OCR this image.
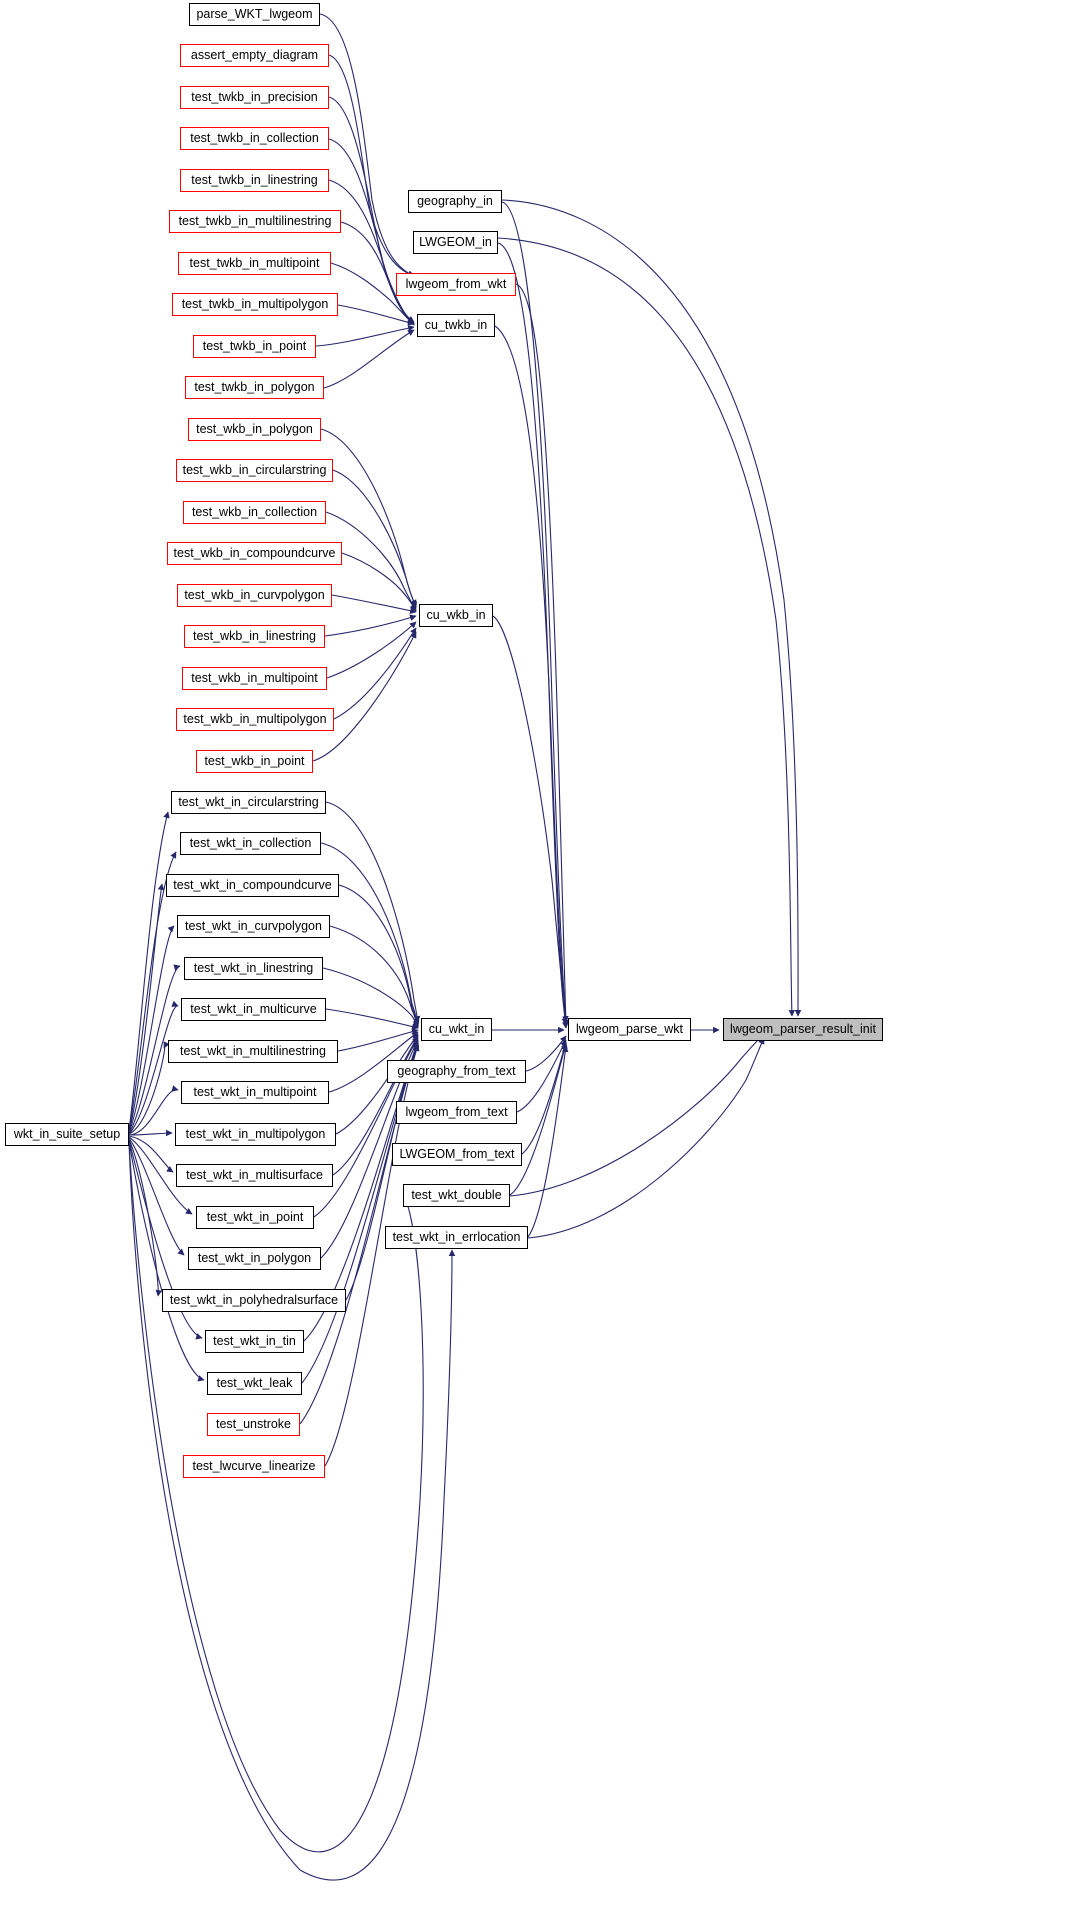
parse_WKT_lwgeom
assert_empty_diagram
test_twkb_in_precision
test_twkb_in_collection
test_twkb_in_linestring
test_twkb_in_multilinestring
test_twkb_in_multipoint
test_twkb_in_multipolygon
test_twkb_in_point
test_twkb_in_polygon
test_wkb_in_polygon
test_wkb_in_circularstring
test_wkb_in_collection
test_wkb_in_compoundcurve
test_wkb_in_curvpolygon
test_wkb_in_linestring
test_wkb_in_multipoint
test_wkb_in_multipolygon
test_wkb_in_point
test_wkt_in_circularstring
test_wkt_in_collection
test_wkt_in_compoundcurve
test_wkt_in_curvpolygon
test_wkt_in_linestring
test_wkt_in_multicurve
test_wkt_in_multilinestring
test_wkt_in_multipoint
test_wkt_in_multipolygon
test_wkt_in_multisurface
test_wkt_in_point
test_wkt_in_polygon
test_wkt_in_polyhedralsurface
test_wkt_in_tin
test_wkt_leak
test_unstroke
test_lwcurve_linearize
wkt_in_suite_setup
geography_in
LWGEOM_in
lwgeom_from_wkt
cu_twkb_in
cu_wkb_in
cu_wkt_in
geography_from_text
lwgeom_from_text
LWGEOM_from_text
test_wkt_double
test_wkt_in_errlocation
lwgeom_parse_wkt	lwgeom_parser_result_init
